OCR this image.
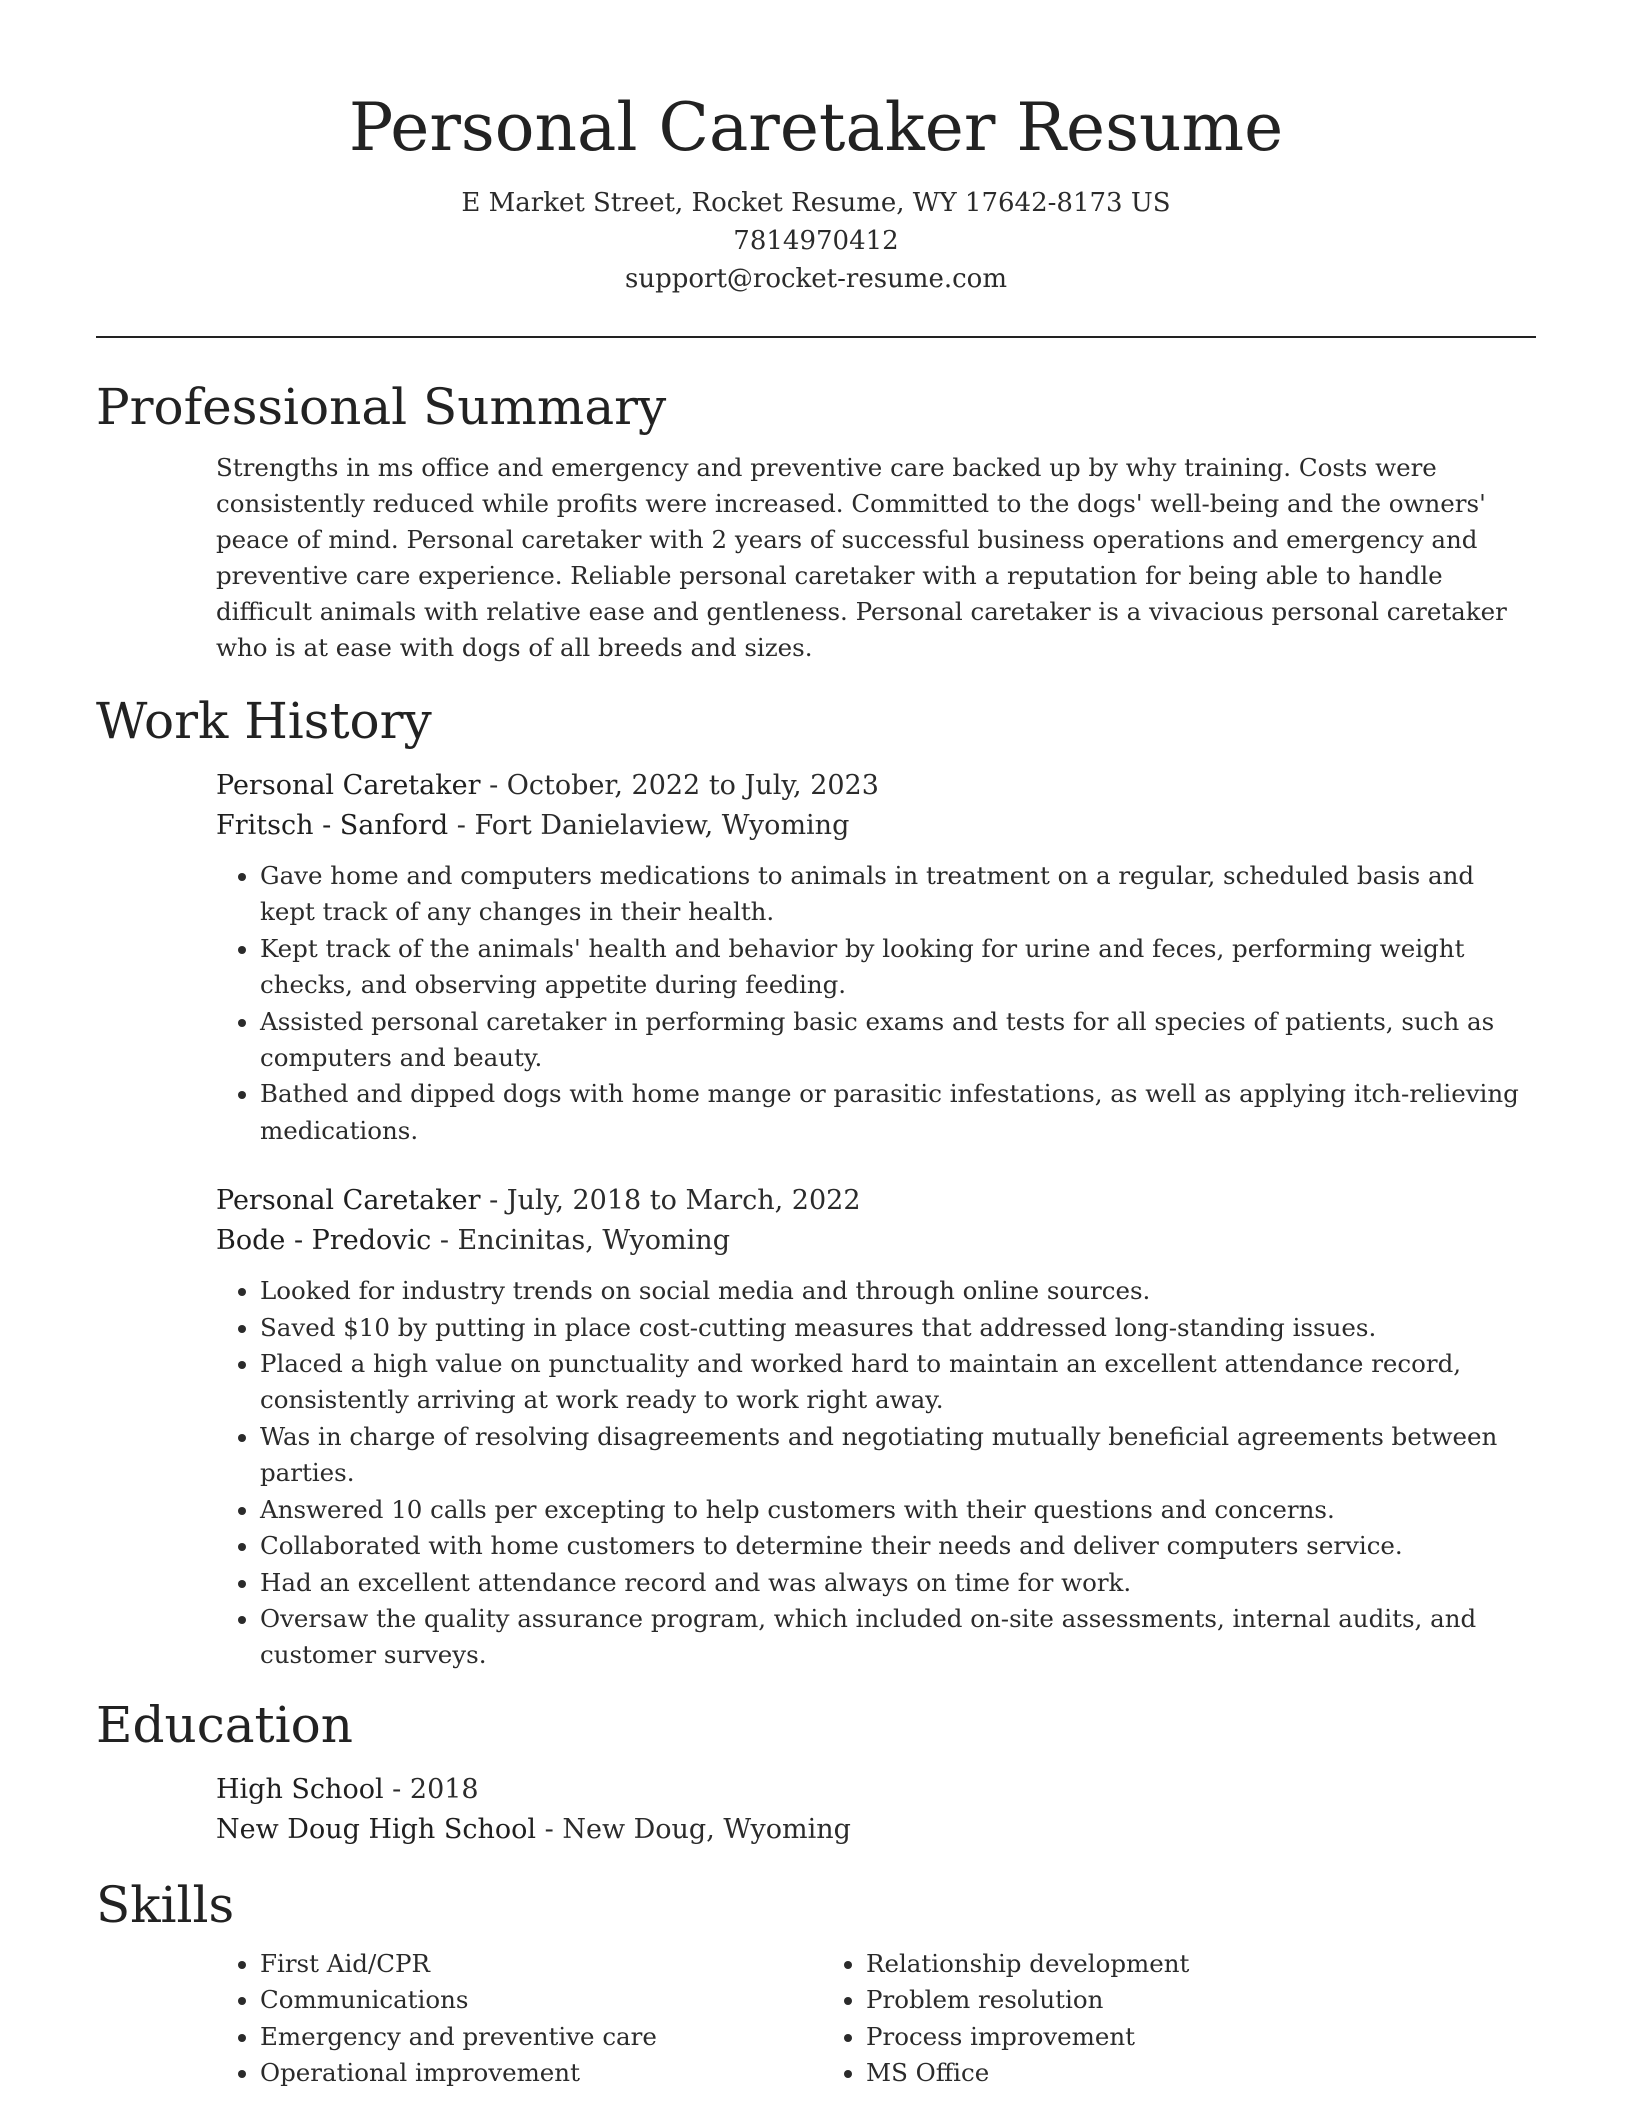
Personal Caretaker Resume
E Market Street, Rocket Resume, WY 17642-8173 US
7814970412
support@rocket-resume.com
Professional Summary

Strengths in ms office and emergency and preventive care backed up by why training. Costs were consistently reduced while profits were increased. Committed to the dogs' well-being and the owners' peace of mind. Personal caretaker with 2 years of successful business operations and emergency and preventive care experience. Reliable personal caretaker with a reputation for being able to handle difficult animals with relative ease and gentleness. Personal caretaker is a vivacious personal caretaker who is at ease with dogs of all breeds and sizes.

Work History
Personal Caretaker - October, 2022 to July, 2023
Fritsch - Sanford - Fort Danielaview, Wyoming
• Gave home and computers medications to animals in treatment on a regular, scheduled basis and kept track of any changes in their health.
• Kept track of the animals' health and behavior by looking for urine and feces, performing weight checks, and observing appetite during feeding.
• Assisted personal caretaker in performing basic exams and tests for all species of patients, such as computers and beauty.
• Bathed and dipped dogs with home mange or parasitic infestations, as well as applying itch-relieving medications.
Personal Caretaker - July, 2018 to March, 2022
Bode - Predovic - Encinitas, Wyoming
• Looked for industry trends on social media and through online sources.
• Saved $10 by putting in place cost-cutting measures that addressed long-standing issues.
• Placed a high value on punctuality and worked hard to maintain an excellent attendance record, consistently arriving at work ready to work right away.
• Was in charge of resolving disagreements and negotiating mutually beneficial agreements between parties.
• Answered 10 calls per excepting to help customers with their questions and concerns.
• Collaborated with home customers to determine their needs and deliver computers service.
• Had an excellent attendance record and was always on time for work.
• Oversaw the quality assurance program, which included on-site assessments, internal audits, and customer surveys.
Education
High School - 2018
New Doug High School - New Doug, Wyoming
Skills
• First Aid/CPR
• Communications
• Emergency and preventive care
• Operational improvement
• Relationship development
• Problem resolution
• Process improvement
• MS Office
